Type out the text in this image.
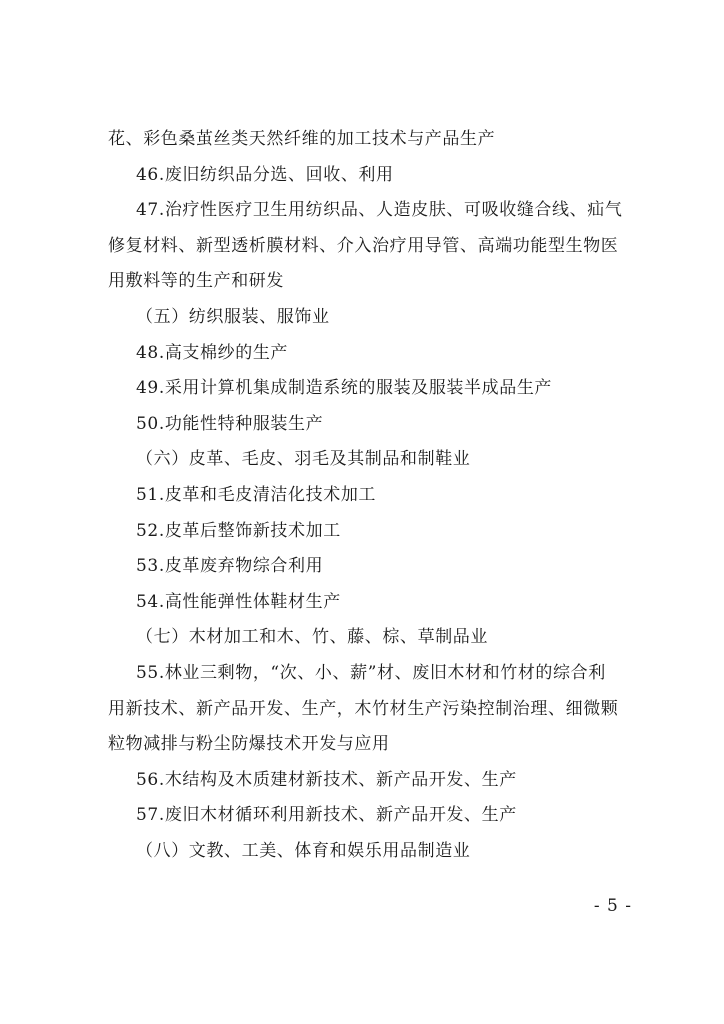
花、彩色桑茧丝类天然纤维的加工技术与产品生产
46.废旧纺织品分选、回收、利用
47.治疗性医疗卫生用纺织品、人造皮肤、可吸收缝合线、疝气
修复材料、新型透析膜材料、介入治疗用导管、高端功能型生物医
用敷料等的生产和研发
（五）纺织服装、服饰业
48.高支棉纱的生产
49.采用计算机集成制造系统的服装及服装半成品生产
50.功能性特种服装生产
（六）皮革、毛皮、羽毛及其制品和制鞋业
51.皮革和毛皮清洁化技术加工
52.皮革后整饰新技术加工
53.皮革废弃物综合利用
54.高性能弹性体鞋材生产
（七）木材加工和木、竹、藤、棕、草制品业
55.林业三剩物，“次、小、薪”材、废旧木材和竹材的综合利
用新技术、新产品开发、生产，木竹材生产污染控制治理、细微颗
粒物减排与粉尘防爆技术开发与应用
56.木结构及木质建材新技术、新产品开发、生产
57.废旧木材循环利用新技术、新产品开发、生产
（八）文教、工美、体育和娱乐用品制造业
- 5 -
